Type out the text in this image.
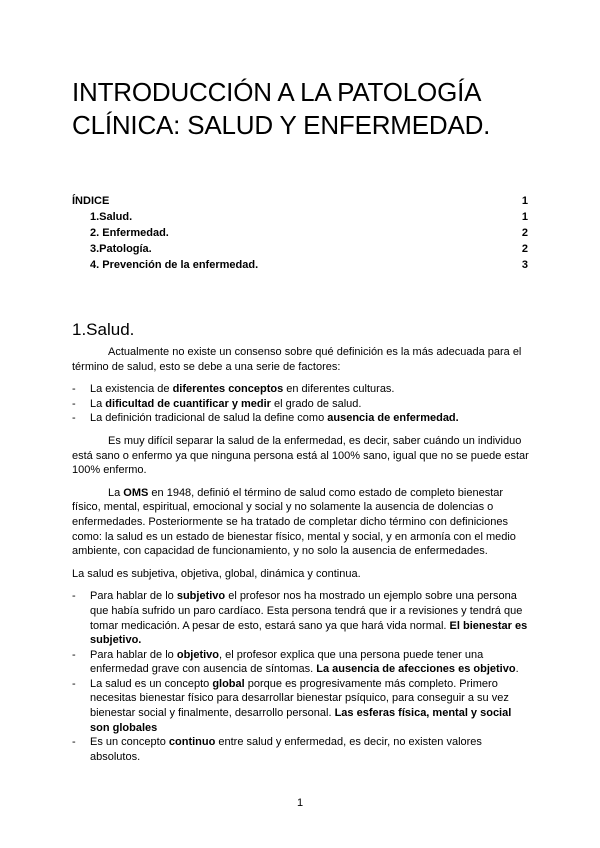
INTRODUCCIÓN A LA PATOLOGÍA CLÍNICA: SALUD Y ENFERMEDAD.
ÍNDICE	1
1.Salud.	1
2. Enfermedad.	2
3.Patología.	2
4. Prevención de la enfermedad.	3
1.Salud.

Actualmente no existe un consenso sobre qué definición es la más adecuada para el término de salud, esto se debe a una serie de factores:

- La existencia de diferentes conceptos en diferentes culturas.
- La dificultad de cuantificar y medir el grado de salud.
- La definición tradicional de salud la define como ausencia de enfermedad.

Es muy difícil separar la salud de la enfermedad, es decir, saber cuándo un individuo está sano o enfermo ya que ninguna persona está al 100% sano, igual que no se puede estar 100% enfermo.

La OMS en 1948, definió el término de salud como estado de completo bienestar físico, mental, espiritual, emocional y social y no solamente la ausencia de dolencias o enfermedades. Posteriormente se ha tratado de completar dicho término con definiciones como: la salud es un estado de bienestar físico, mental y social, y en armonía con el medio ambiente, con capacidad de funcionamiento, y no solo la ausencia de enfermedades.

La salud es subjetiva, objetiva, global, dinámica y continua.

- Para hablar de lo subjetivo el profesor nos ha mostrado un ejemplo sobre una persona que había sufrido un paro cardíaco. Esta persona tendrá que ir a revisiones y tendrá que tomar medicación. A pesar de esto, estará sano ya que hará vida normal. El bienestar es subjetivo.
- Para hablar de lo objetivo, el profesor explica que una persona puede tener una enfermedad grave con ausencia de síntomas. La ausencia de afecciones es objetivo.
- La salud es un concepto global porque es progresivamente más completo. Primero necesitas bienestar físico para desarrollar bienestar psíquico, para conseguir a su vez bienestar social y finalmente, desarrollo personal. Las esferas física, mental y social son globales
- Es un concepto continuo entre salud y enfermedad, es decir, no existen valores absolutos.
1
